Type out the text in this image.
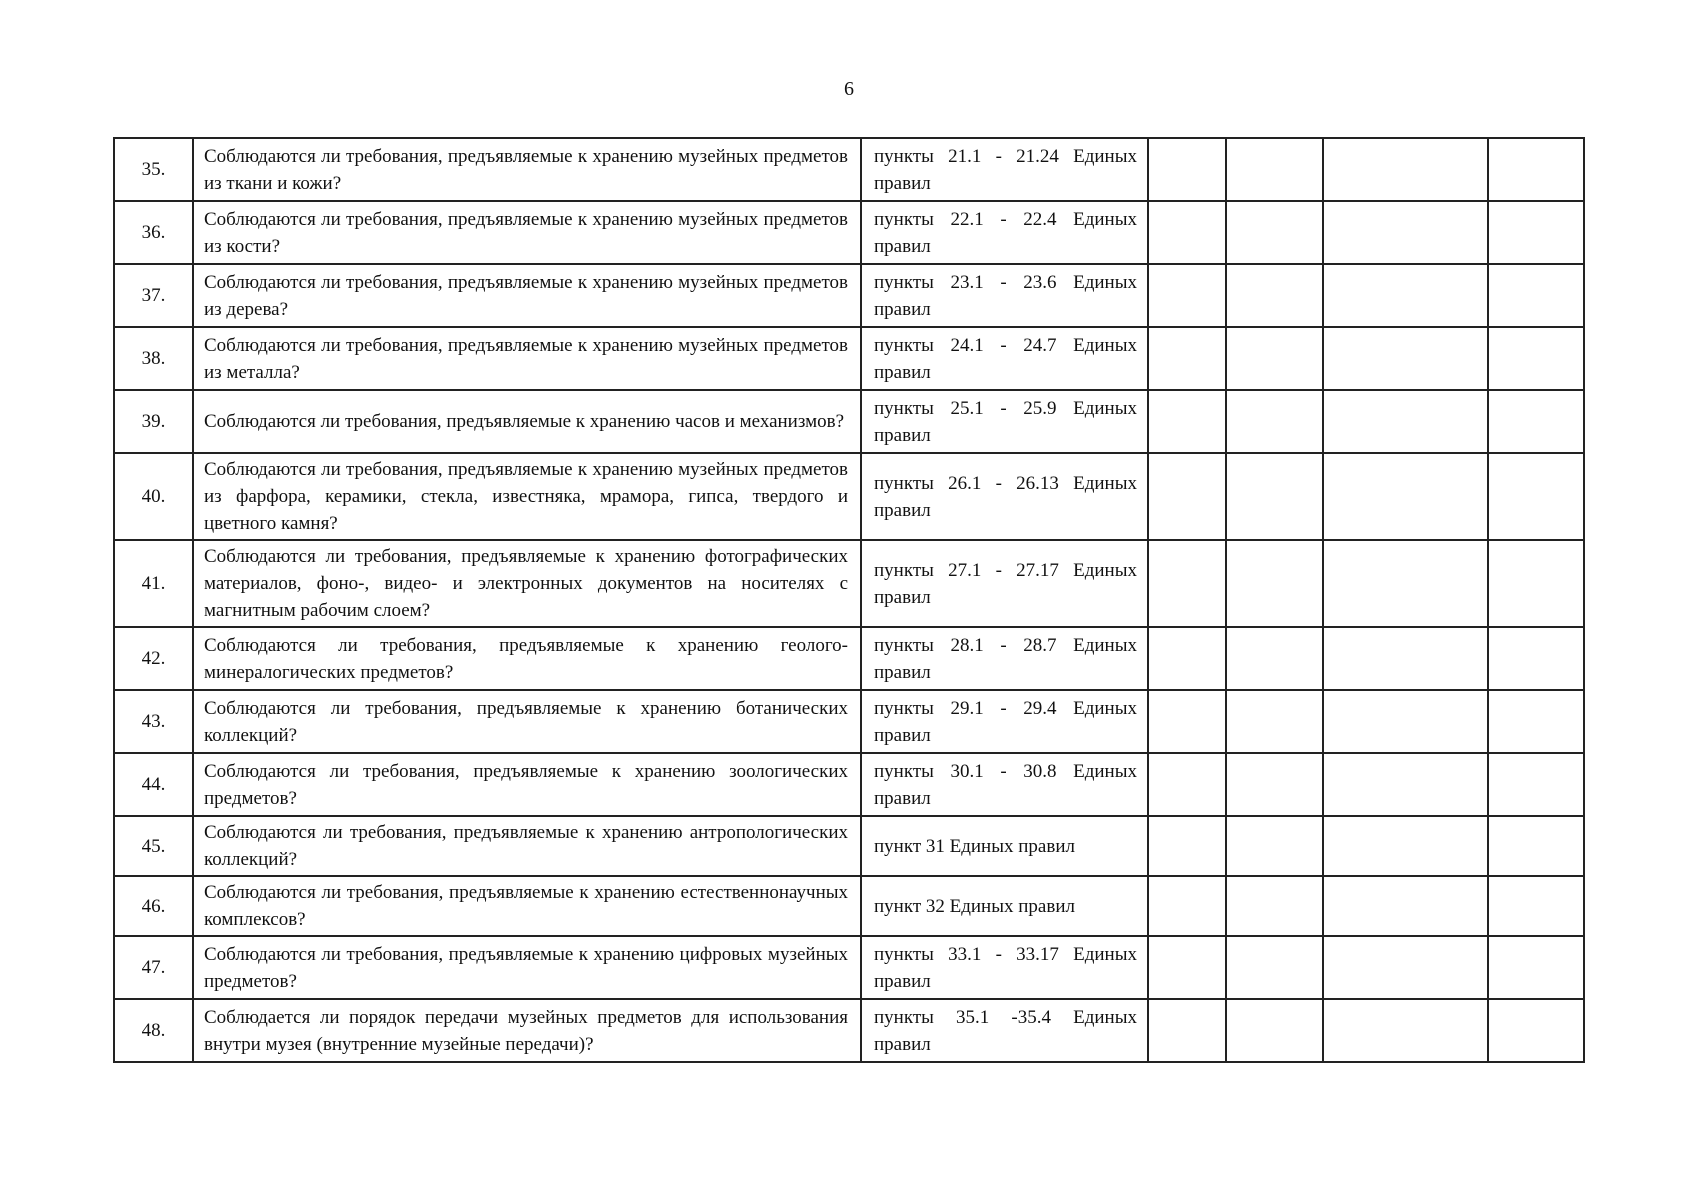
6
35.	Соблюдаются ли требования, предъявляемые к хранению музейных предметов из ткани и кожи?	пункты 21.1 - 21.24 Единых правил				
36.	Соблюдаются ли требования, предъявляемые к хранению музейных предметов из кости?	пункты 22.1 - 22.4 Единых правил				
37.	Соблюдаются ли требования, предъявляемые к хранению музейных предметов из дерева?	пункты 23.1 - 23.6 Единых правил				
38.	Соблюдаются ли требования, предъявляемые к хранению музейных предметов из металла?	пункты 24.1 - 24.7 Единых правил				
39.	Соблюдаются ли требования, предъявляемые к хранению часов и механизмов?	пункты 25.1 - 25.9 Единых правил				
40.	Соблюдаются ли требования, предъявляемые к хранению музейных предметов из фарфора, керамики, стекла, известняка, мрамора, гипса, твердого и цветного камня?	пункты 26.1 - 26.13 Единых правил				
41.	Соблюдаются ли требования, предъявляемые к хранению фотографических материалов, фоно-, видео- и электронных документов на носителях с магнитным рабочим слоем?	пункты 27.1 - 27.17 Единых правил				
42.	Соблюдаются ли требования, предъявляемые к хранению геолого-минералогических предметов?	пункты 28.1 - 28.7 Единых правил				
43.	Соблюдаются ли требования, предъявляемые к хранению ботанических коллекций?	пункты 29.1 - 29.4 Единых правил				
44.	Соблюдаются ли требования, предъявляемые к хранению зоологических предметов?	пункты 30.1 - 30.8 Единых правил				
45.	Соблюдаются ли требования, предъявляемые к хранению антропологических коллекций?	пункт 31 Единых правил				
46.	Соблюдаются ли требования, предъявляемые к хранению естественнонаучных комплексов?	пункт 32 Единых правил				
47.	Соблюдаются ли требования, предъявляемые к хранению цифровых музейных предметов?	пункты 33.1 - 33.17 Единых правил				
48.	Соблюдается ли порядок передачи музейных предметов для использования внутри музея (внутренние музейные передачи)?	пункты 35.1 -35.4 Единых правил				
